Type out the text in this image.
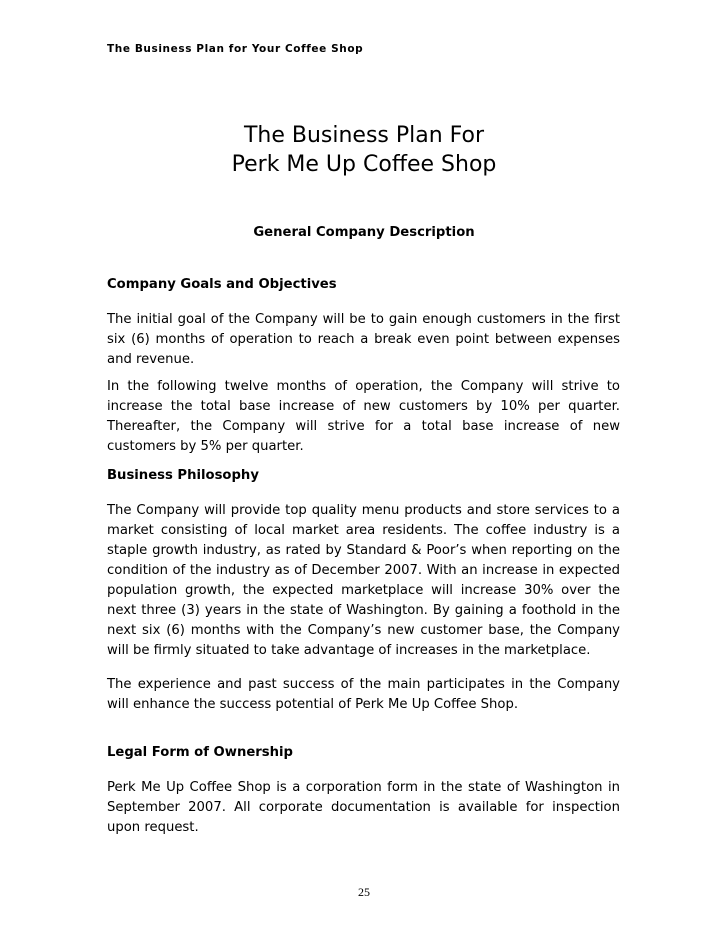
The Business Plan for Your Coffee Shop
The Business Plan For
Perk Me Up Coffee Shop
General Company Description
Company Goals and Objectives
The initial goal of the Company will be to gain enough customers in the first six (6) months of operation to reach a break even point between expenses and revenue.
In the following twelve months of operation, the Company will strive to increase the total base increase of new customers by 10% per quarter. Thereafter, the Company will strive for a total base increase of new customers by 5% per quarter.
Business Philosophy
The Company will provide top quality menu products and store services to a market consisting of local market area residents. The coffee industry is a staple growth industry, as rated by Standard & Poor’s when reporting on the condition of the industry as of December 2007. With an increase in expected population growth, the expected marketplace will increase 30% over the next three (3) years in the state of Washington. By gaining a foothold in the next six (6) months with the Company’s new customer base, the Company will be firmly situated to take advantage of increases in the marketplace.
The experience and past success of the main participates in the Company will enhance the success potential of Perk Me Up Coffee Shop.
Legal Form of Ownership
Perk Me Up Coffee Shop is a corporation form in the state of Washington in September 2007. All corporate documentation is available for inspection upon request.
25
